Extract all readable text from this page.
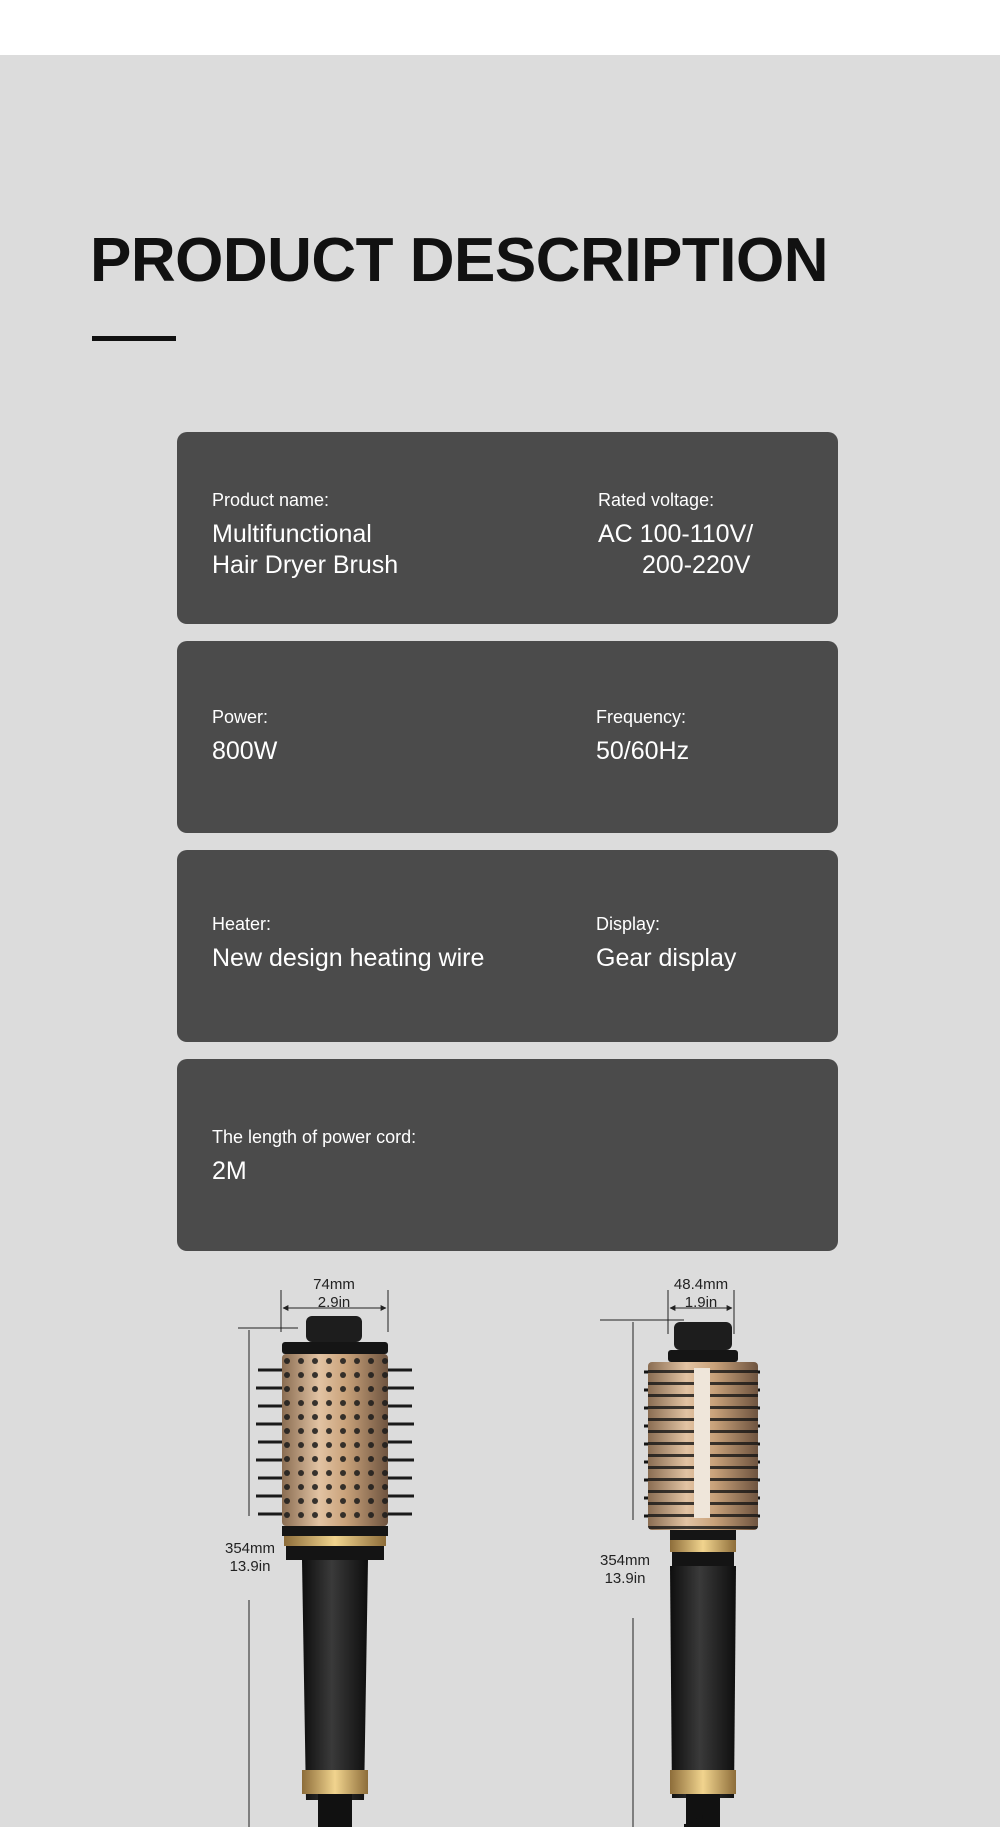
PRODUCT DESCRIPTION
Product name:
Multifunctional
Hair Dryer Brush
Rated voltage:
AC 100-110V/
200-220V
Power:
800W
Frequency:
50/60Hz
Heater:
New design heating wire
Display:
Gear display
The length of power cord:
2M
74mm
2.9in
354mm
13.9in
48.4mm
1.9in
354mm
13.9in
